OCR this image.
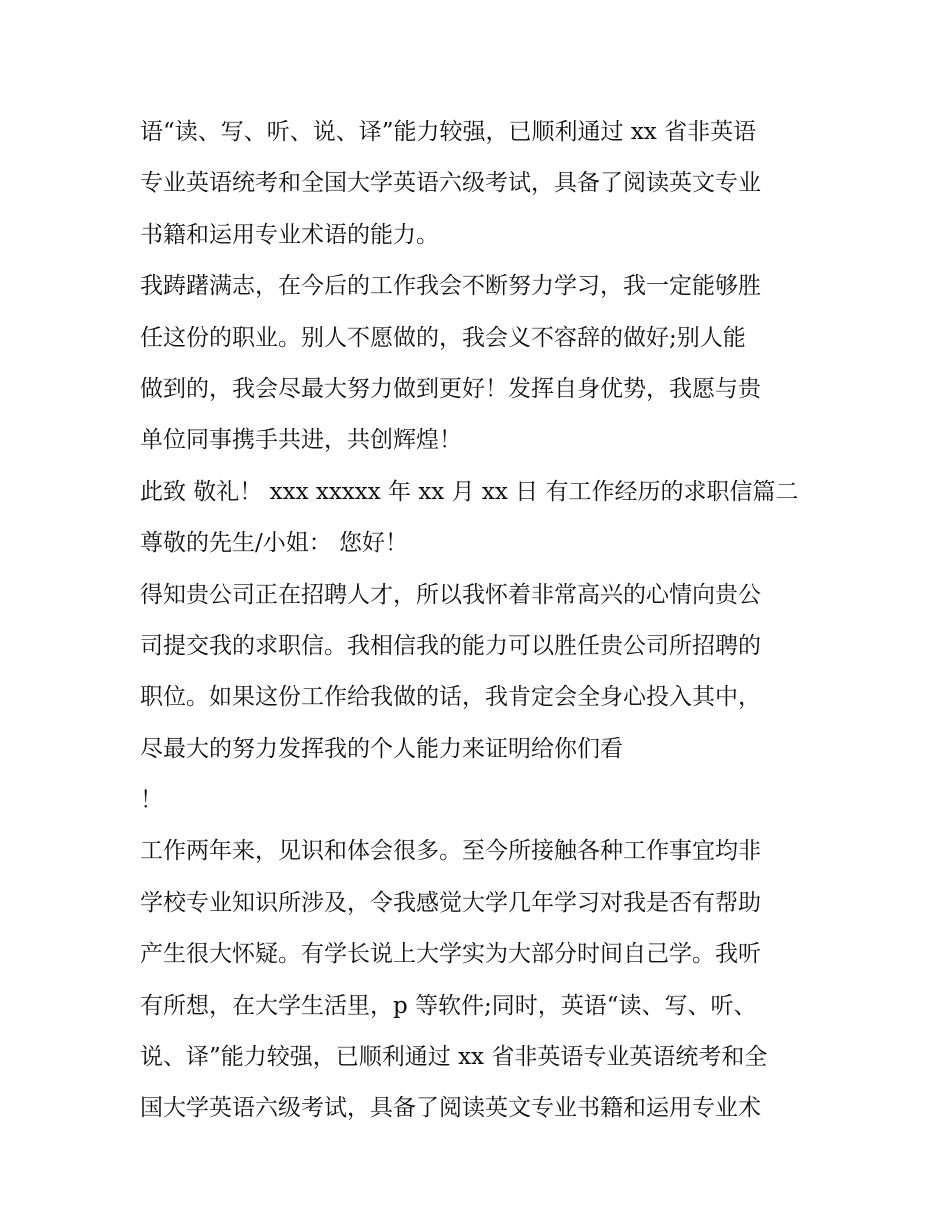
语“读、写、听、说、译”能力较强，已顺利通过 xx 省非英语
专业英语统考和全国大学英语六级考试，具备了阅读英文专业
书籍和运用专业术语的能力。
我踌躇满志，在今后的工作我会不断努力学习，我一定能够胜
任这份的职业。别人不愿做的，我会义不容辞的做好;别人能
做到的，我会尽最大努力做到更好！发挥自身优势，我愿与贵
单位同事携手共进，共创辉煌！
此致 敬礼！ xxx xxxxx 年 xx 月 xx 日 有工作经历的求职信篇二
尊敬的先生/小姐： 您好！
得知贵公司正在招聘人才，所以我怀着非常高兴的心情向贵公
司提交我的求职信。我相信我的能力可以胜任贵公司所招聘的
职位。如果这份工作给我做的话，我肯定会全身心投入其中，
尽最大的努力发挥我的个人能力来证明给你们看
！
工作两年来，见识和体会很多。至今所接触各种工作事宜均非
学校专业知识所涉及，令我感觉大学几年学习对我是否有帮助
产生很大怀疑。有学长说上大学实为大部分时间自己学。我听
有所想，在大学生活里，p 等软件;同时，英语“读、写、听、
说、译”能力较强，已顺利通过 xx 省非英语专业英语统考和全
国大学英语六级考试，具备了阅读英文专业书籍和运用专业术
